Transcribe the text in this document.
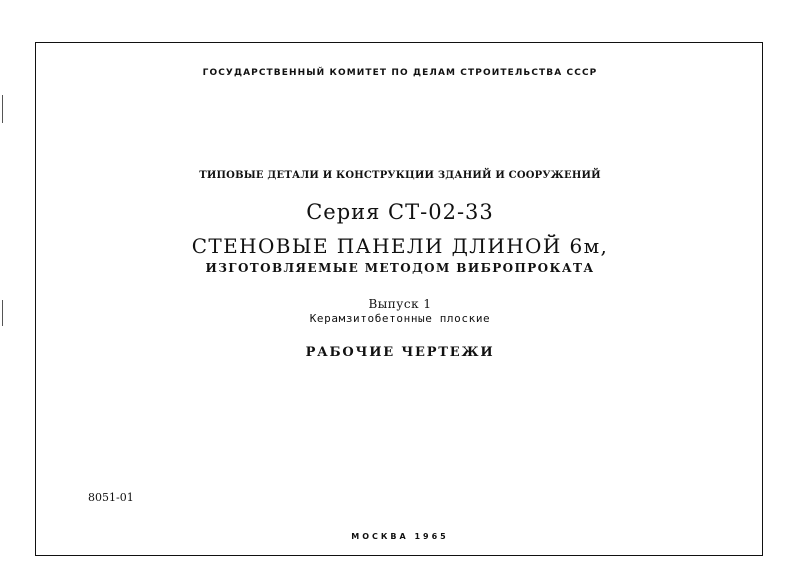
ГОСУДАРСТВЕННЫЙ КОМИТЕТ ПО ДЕЛАМ СТРОИТЕЛЬСТВА СССР
ТИПОВЫЕ ДЕТАЛИ И КОНСТРУКЦИИ ЗДАНИЙ И СООРУЖЕНИЙ
Серия СТ-02-33
СТЕНОВЫЕ ПАНЕЛИ ДЛИНОЙ 6м,
ИЗГОТОВЛЯЕМЫЕ МЕТОДОМ ВИБРОПРОКАТА
Выпуск 1
Керамзитобетонные плоские
РАБОЧИЕ ЧЕРТЕЖИ
8051-01
МОСКВА 1965
